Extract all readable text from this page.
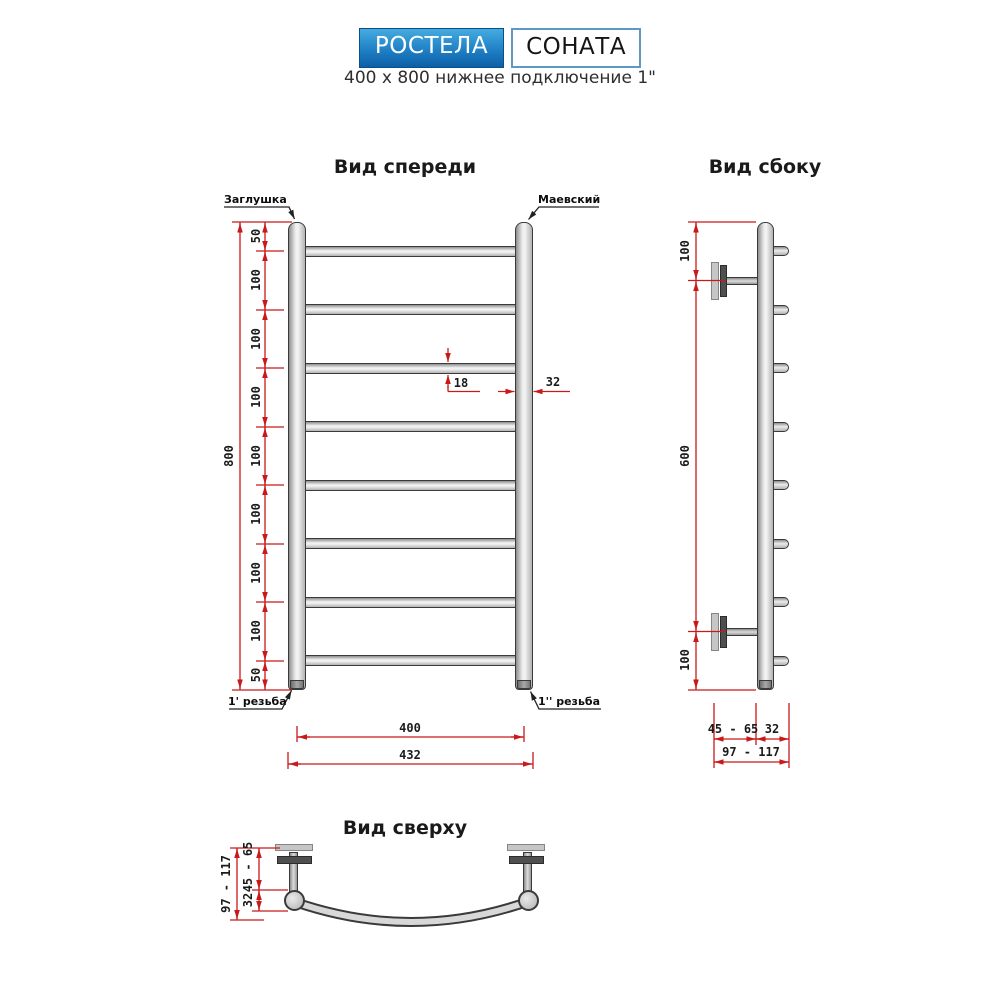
РОСТЕЛА	СОНАТА
400 x 800 нижнее подключение 1"
Вид спереди	Вид сбоку
Вид сверху
Заглушка	Маевский
1' резьба	1'' резьба
800
50
100
100
100
100
100
100
100
50
18	32
400
432
100
600
100
45 - 65 32
97 - 117
97 - 117 45 - 65
32
